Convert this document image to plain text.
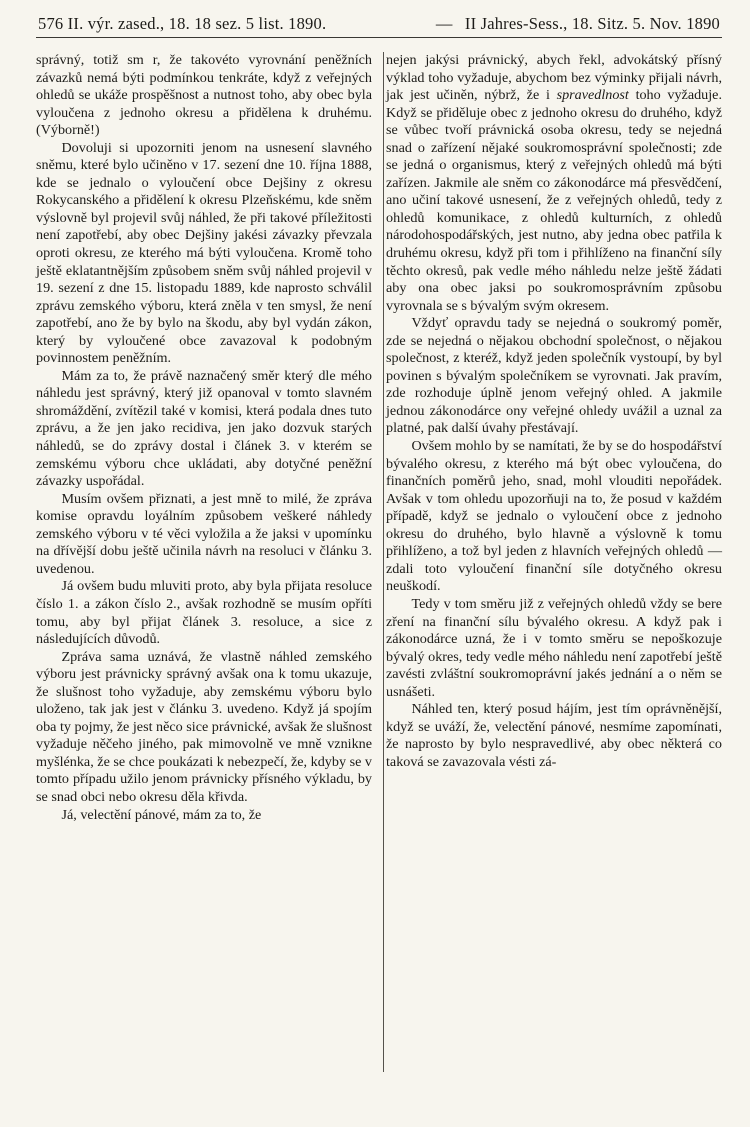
576 II. výr. zased., 18. 18 sez. 5 list. 1890.	— II Jahres-Sess., 18. Sitz. 5. Nov. 1890

správný, totiž sm r, že takovéto vyrovnání peněžních závazků nemá býti podmínkou tenkráte, když z veřejných ohledů se ukáže prospěšnost a nutnost toho, aby obec byla vyloučena z jednoho okresu a přidělena k druhému. (Výborně!)

Dovoluji si upozorniti jenom na usnesení slavného sněmu, které bylo učiněno v 17. sezení dne 10. října 1888, kde se jednalo o vyloučení obce Dejšiny z okresu Rokycanského a přidělení k okresu Plzeňskému, kde sněm výslovně byl projevil svůj náhled, že při takové příležitosti není zapotřebí, aby obec Dejšiny jakési závazky převzala oproti okresu, ze kterého má býti vyloučena. Kromě toho ještě eklatantnějším způsobem sněm svůj náhled projevil v 19. sezení z dne 15. listopadu 1889, kde naprosto schválil zprávu zemského výboru, která zněla v ten smysl, že není zapotřebí, ano že by bylo na škodu, aby byl vydán zákon, který by vyloučené obce zavazoval k podobným povinnostem peněžním.

Mám za to, že právě naznačený směr který dle mého náhledu jest správný, který již opanoval v tomto slavném shromáždění, zvítězil také v komisi, která podala dnes tuto zprávu, a že jen jako recidiva, jen jako dozvuk starých náhledů, se do zprávy dostal i článek 3. v kterém se zemskému výboru chce ukládati, aby dotyčné peněžní závazky uspořádal.

Musím ovšem přiznati, a jest mně to milé, že zpráva komise opravdu loyálním způsobem veškeré náhledy zemského výboru v té věci vyložila a že jaksi v upomínku na dřívější dobu ještě učinila návrh na resoluci v článku 3. uvedenou.

Já ovšem budu mluviti proto, aby byla přijata resoluce číslo 1. a zákon číslo 2., avšak rozhodně se musím opříti tomu, aby byl přijat článek 3. resoluce, a sice z následujících důvodů.

Zpráva sama uznává, že vlastně náhled zemského výboru jest právnicky správný avšak ona k tomu ukazuje, že slušnost toho vyžaduje, aby zemskému výboru bylo uloženo, tak jak jest v článku 3. uvedeno. Když já spojím oba ty pojmy, že jest něco sice právnické, avšak že slušnost vyžaduje něčeho jiného, pak mimovolně ve mně vznikne myšlénka, že se chce poukázati k nebezpečí, že, kdyby se v tomto případu užilo jenom právnicky přísného výkladu, by se snad obci nebo okresu děla křivda.

Já, velectění pánové, mám za to, že

nejen jakýsi právnický, abych řekl, advokátský přísný výklad toho vyžaduje, abychom bez výminky přijali návrh, jak jest učiněn, nýbrž, že i spravedlnost toho vyžaduje. Když se přiděluje obec z jednoho okresu do druhého, když se vůbec tvoří právnická osoba okresu, tedy se nejedná snad o zařízení nějaké soukromosprávní společnosti; zde se jedná o organismus, který z veřejných ohledů má býti zařízen. Jakmile ale sněm co zákonodárce má přesvědčení, ano učiní takové usnesení, že z veřejných ohledů, tedy z ohledů komunikace, z ohledů kulturních, z ohledů národohospodářských, jest nutno, aby jedna obec patřila k druhému okresu, když při tom i přihlíženo na finanční síly těchto okresů, pak vedle mého náhledu nelze ještě žádati aby ona obec jaksi po soukromosprávním způsobu vyrovnala se s bývalým svým okresem.

Vždyť opravdu tady se nejedná o soukromý poměr, zde se nejedná o nějakou obchodní společnost, o nějakou společnost, z kteréž, když jeden společník vystoupí, by byl povinen s bývalým společníkem se vyrovnati. Jak pravím, zde rozhoduje úplně jenom veřejný ohled. A jakmile jednou zákonodárce ony veřejné ohledy uvážil a uznal za platné, pak další úvahy přestávají.

Ovšem mohlo by se namítati, že by se do hospodářství bývalého okresu, z kterého má být obec vyloučena, do finančních poměrů jeho, snad, mohl vlouditi nepořádek. Avšak v tom ohledu upozorňuji na to, že posud v každém případě, když se jednalo o vyloučení obce z jednoho okresu do druhého, bylo hlavně a výslovně k tomu přihlíženo, a tož byl jeden z hlavních veřejných ohledů — zdali toto vyloučení finanční síle dotyčného okresu neuškodí.

Tedy v tom směru již z veřejných ohledů vždy se bere zření na finanční sílu bývalého okresu. A když pak i zákonodárce uzná, že i v tomto směru se nepoškozuje bývalý okres, tedy vedle mého náhledu není zapotřebí ještě zavésti zvláštní soukromoprávní jakés jednání a o něm se usnášeti.

Náhled ten, který posud hájím, jest tím oprávněnější, když se uváží, že, velectění pánové, nesmíme zapomínati, že naprosto by bylo nespravedlivé, aby obec některá co taková se zavazovala vésti zá-
